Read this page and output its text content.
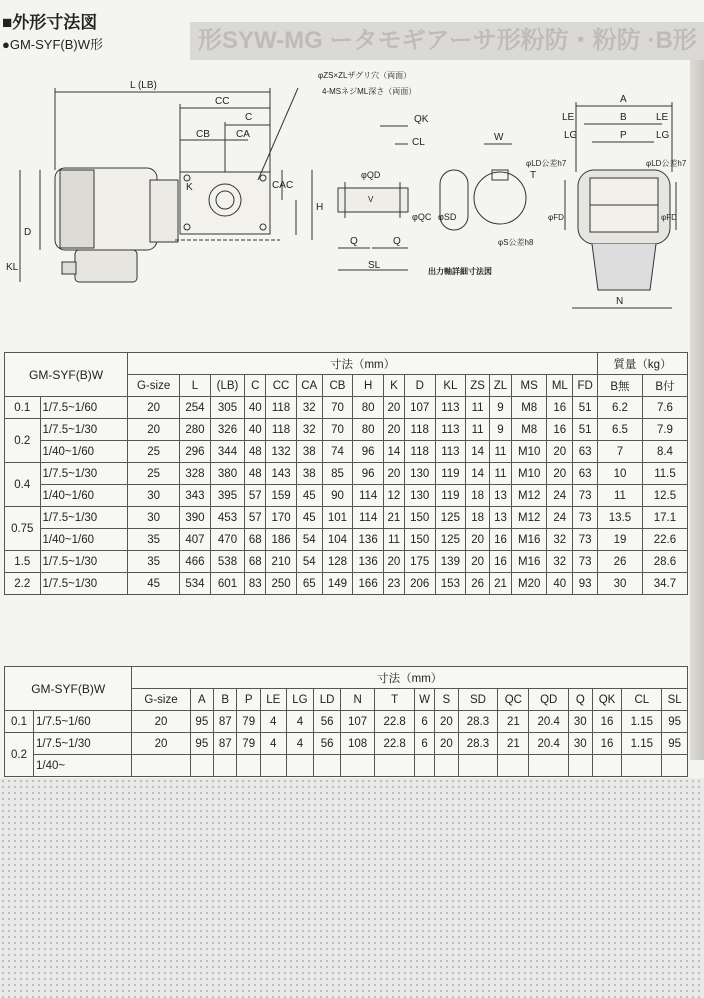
形SYW-MG ータモギアーサ形粉防・粉防 ·B形
■外形寸法図
●GM-SYF(B)W形
L (LB)
CC
C
CB	CA
φZS×ZLザグリ穴（両面）
4-MSネジML深さ（両面）
D
KL
K
H
CA C
QK
CL
φQD
φQC φSD
Q	Q
SL
V
W
T
φS公差h8
出力軸詳細寸法図
A
B
P
LE
LG
LE
LG
φFD	φFD
φLD公差h7	φLD公差h7
N
GM-SYF(B)W		寸法（mm）																質量（kg）	
		G-size	L	(LB)	C	CC	CA	CB	H	K	D	KL	ZS	ZL	MS	ML	FD	B無	B付
0.1	1/7.5~1/60	20	254	305	40	118	32	70	80	20	107	113	11	9	M8	16	51	6.2	7.6
0.2	1/7.5~1/30	20	280	326	40	118	32	70	80	20	118	113	11	9	M8	16	51	6.5	7.9
	1/40~1/60	25	296	344	48	132	38	74	96	14	118	113	14	11	M10	20	63	7	8.4
0.4	1/7.5~1/30	25	328	380	48	143	38	85	96	20	130	119	14	11	M10	20	63	10	11.5
	1/40~1/60	30	343	395	57	159	45	90	114	12	130	119	18	13	M12	24	73	11	12.5
0.75	1/7.5~1/30	30	390	453	57	170	45	101	114	21	150	125	18	13	M12	24	73	13.5	17.1
	1/40~1/60	35	407	470	68	186	54	104	136	11	150	125	20	16	M16	32	73	19	22.6
1.5	1/7.5~1/30	35	466	538	68	210	54	128	136	20	175	139	20	16	M16	32	73	26	28.6
2.2	1/7.5~1/30	45	534	601	83	250	65	149	166	23	206	153	26	21	M20	40	93	30	34.7
GM-SYF(B)W		寸法（mm）																	
		G-size	A	B	P	LE	LG	LD	N	T	W	S	SD	QC	QD	Q	QK	CL	SL
0.1	1/7.5~1/60	20	95	87	79	4	4	56	107	22.8	6	20	28.3	21	20.4	30	16	1.15	95
0.2	1/7.5~1/30	20	95	87	79	4	4	56	108	22.8	6	20	28.3	21	20.4	30	16	1.15	95
	1/40~																		
